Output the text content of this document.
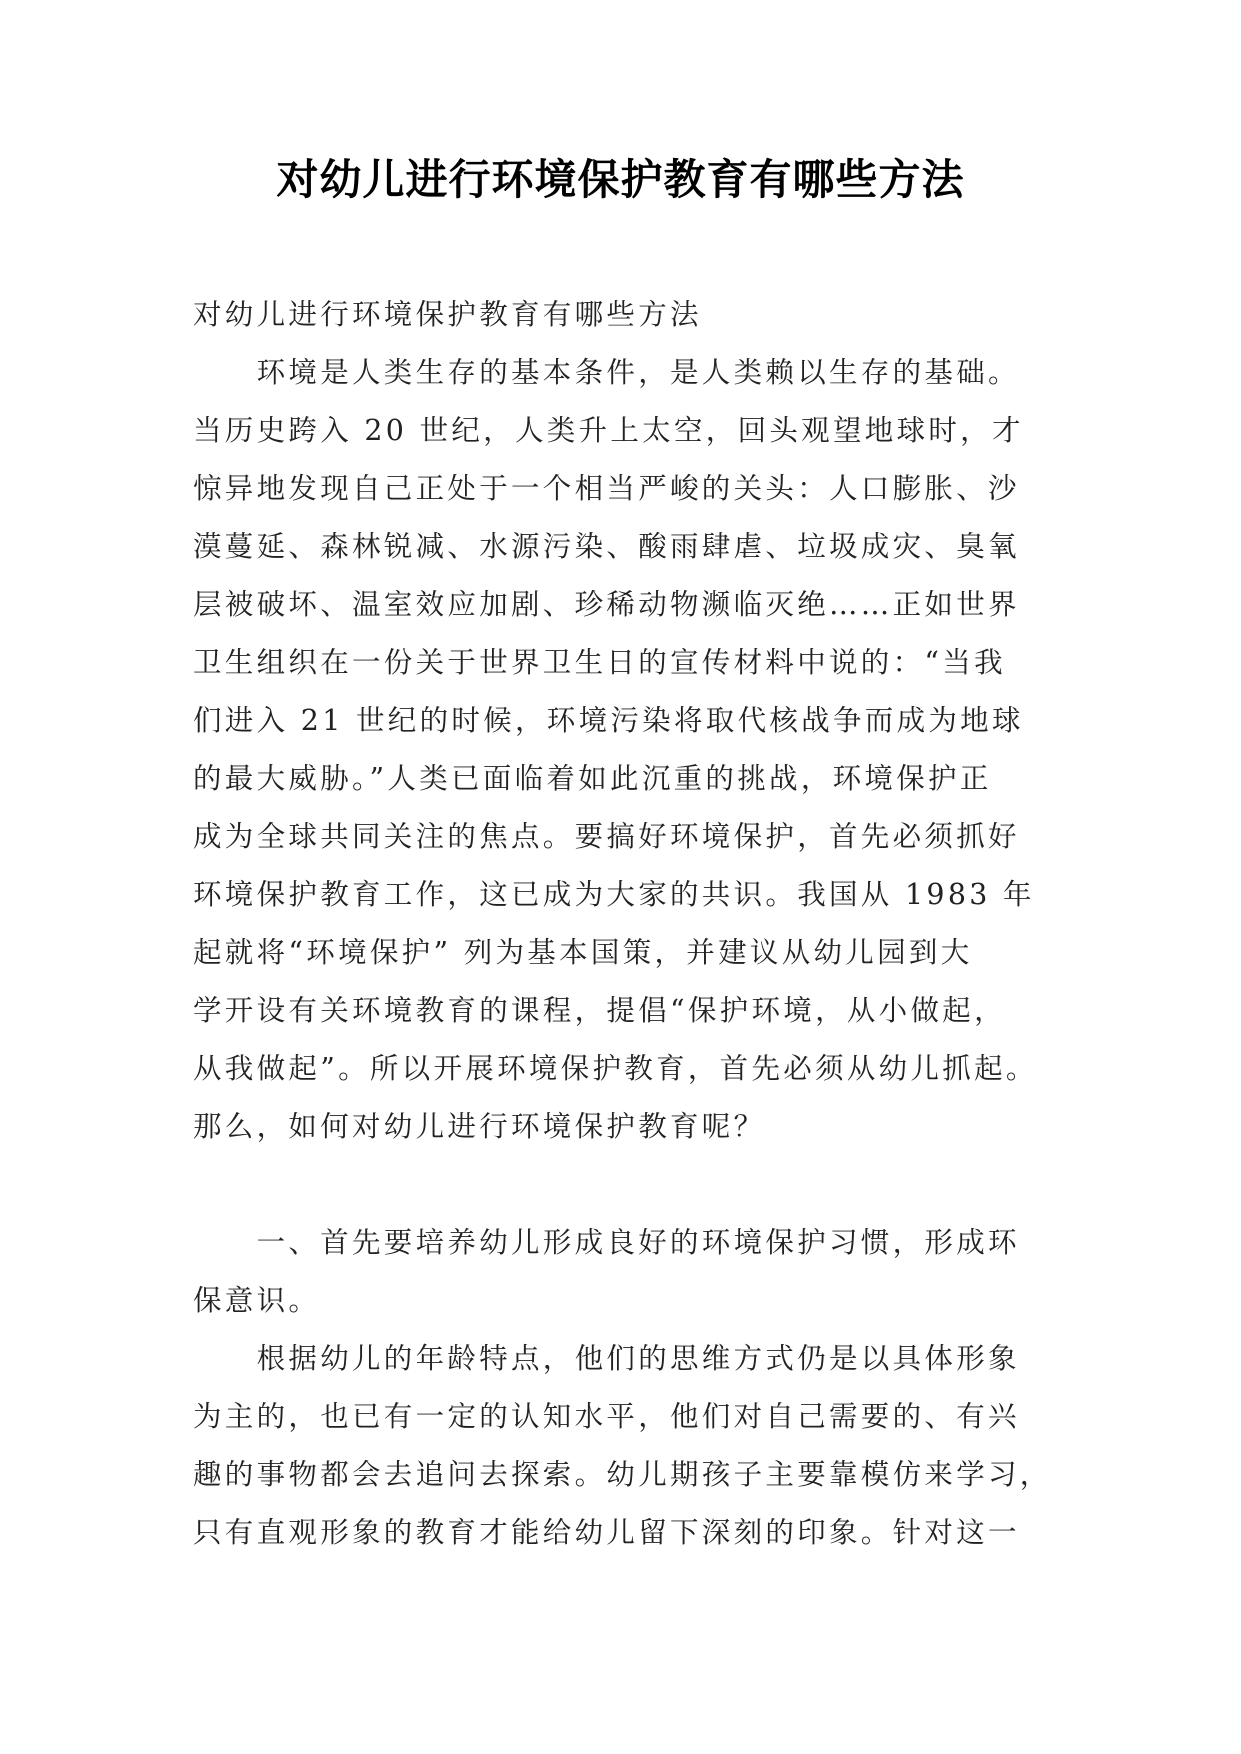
对幼儿进行环境保护教育有哪些方法
对幼儿进行环境保护教育有哪些方法
　　环境是人类生存的基本条件，是人类赖以生存的基础。
当历史跨入 20 世纪，人类升上太空，回头观望地球时，才
惊异地发现自己正处于一个相当严峻的关头：人口膨胀、沙
漠蔓延、森林锐减、水源污染、酸雨肆虐、垃圾成灾、臭氧
层被破坏、温室效应加剧、珍稀动物濒临灭绝……正如世界
卫生组织在一份关于世界卫生日的宣传材料中说的：“当我
们进入 21 世纪的时候，环境污染将取代核战争而成为地球
的最大威胁。”人类已面临着如此沉重的挑战，环境保护正
成为全球共同关注的焦点。要搞好环境保护，首先必须抓好
环境保护教育工作，这已成为大家的共识。我国从 1983 年
起就将“环境保护” 列为基本国策，并建议从幼儿园到大
学开设有关环境教育的课程，提倡“保护环境，从小做起，
从我做起”。所以开展环境保护教育，首先必须从幼儿抓起。
那么，如何对幼儿进行环境保护教育呢？
　　一、首先要培养幼儿形成良好的环境保护习惯，形成环
保意识。
　　根据幼儿的年龄特点，他们的思维方式仍是以具体形象
为主的，也已有一定的认知水平，他们对自己需要的、有兴
趣的事物都会去追问去探索。幼儿期孩子主要靠模仿来学习，
只有直观形象的教育才能给幼儿留下深刻的印象。针对这一
